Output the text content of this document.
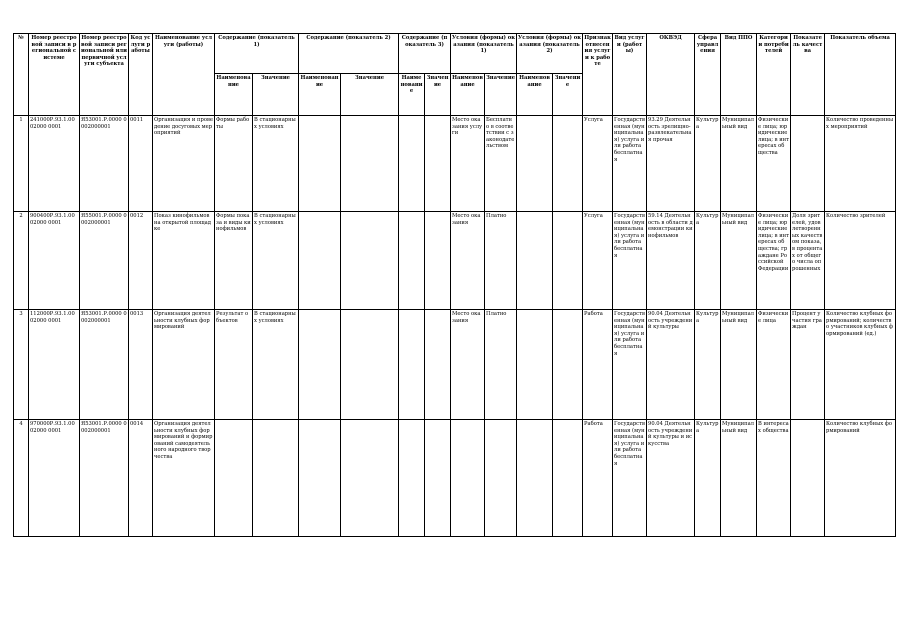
№	Номер реестровой записи в региональной системе	Номер реестровой записи региональной или первичной услуги субъекта	Код услуги работы	Наименование услуги (работы)	Содержание (показатель 1)		Содержание (показатель 2)		Содержание (показатель 3)		Условия (формы) оказания (показатель 1)		Условия (формы) оказания (показатель 2)		Признак отнесения услуги к работе	Вид услуги (работы)	ОКВЭД	Сфера управления	Вид ППО	Категории потребителей	Показатель качества	Показатель объема
					Наименование	Значение	Наименование	Значение	Наименование	Значение	Наименование	Значение	Наименование	Значение								
1	241000Р.93.1.0002000 0001	Я53001.Р.0000 0002000001	0011	Организация и проведение досуговых мероприятий	Формы работы	В стационарных условиях					Место оказания услуги	Бесплатно в соответствии с законодательством			Услуга	Государственная (муниципальная) услуга или работа бесплатная	93.29 Деятельность зрелищно-развлекательная прочая	Культура	Муниципальный вид	Физические лица; юридические лица; в интересах общества		Количество проведенных мероприятий
2	900400Р.93.1.0002000 0001	Я55001.Р.0000 0002000001	0012	Показ кинофильмов на открытой площадке	Формы показа и виды кинофильмов	В стационарных условиях					Место оказания	Платно			Услуга	Государственная (муниципальная) услуга или работа бесплатная	59.14 Деятельность в области демонстрации кинофильмов	Культура	Муниципальный вид	Физические лица; юридические лица; в интересах общества; граждане Российской Федерации	Доля зрителей, удовлетворенных качеством показа, в процентах от общего числа опрошенных	Количество зрителей
3	112000Р.93.1.0002000 0001	Я53001.Р.0000 0002000001	0013	Организация деятельности клубных формирований	Результат объектов	В стационарных условиях					Место оказания	Платно			Работа	Государственная (муниципальная) услуга или работа бесплатная	90.04 Деятельность учреждений культуры	Культура	Муниципальный вид	Физические лица	Процент участия граждан	Количество клубных формирований; количество участников клубных формирований (ед.)
4	970000Р.93.1.0002000 0001	Я53001.Р.0000 0002000001	0014	Организация деятельности клубных формирований и формирований самодеятельного народного творчества											Работа	Государственная (муниципальная) услуга или работа бесплатная	90.04 Деятельность учреждений культуры и искусства	Культура	Муниципальный вид	В интересах общества		Количество клубных формирований
